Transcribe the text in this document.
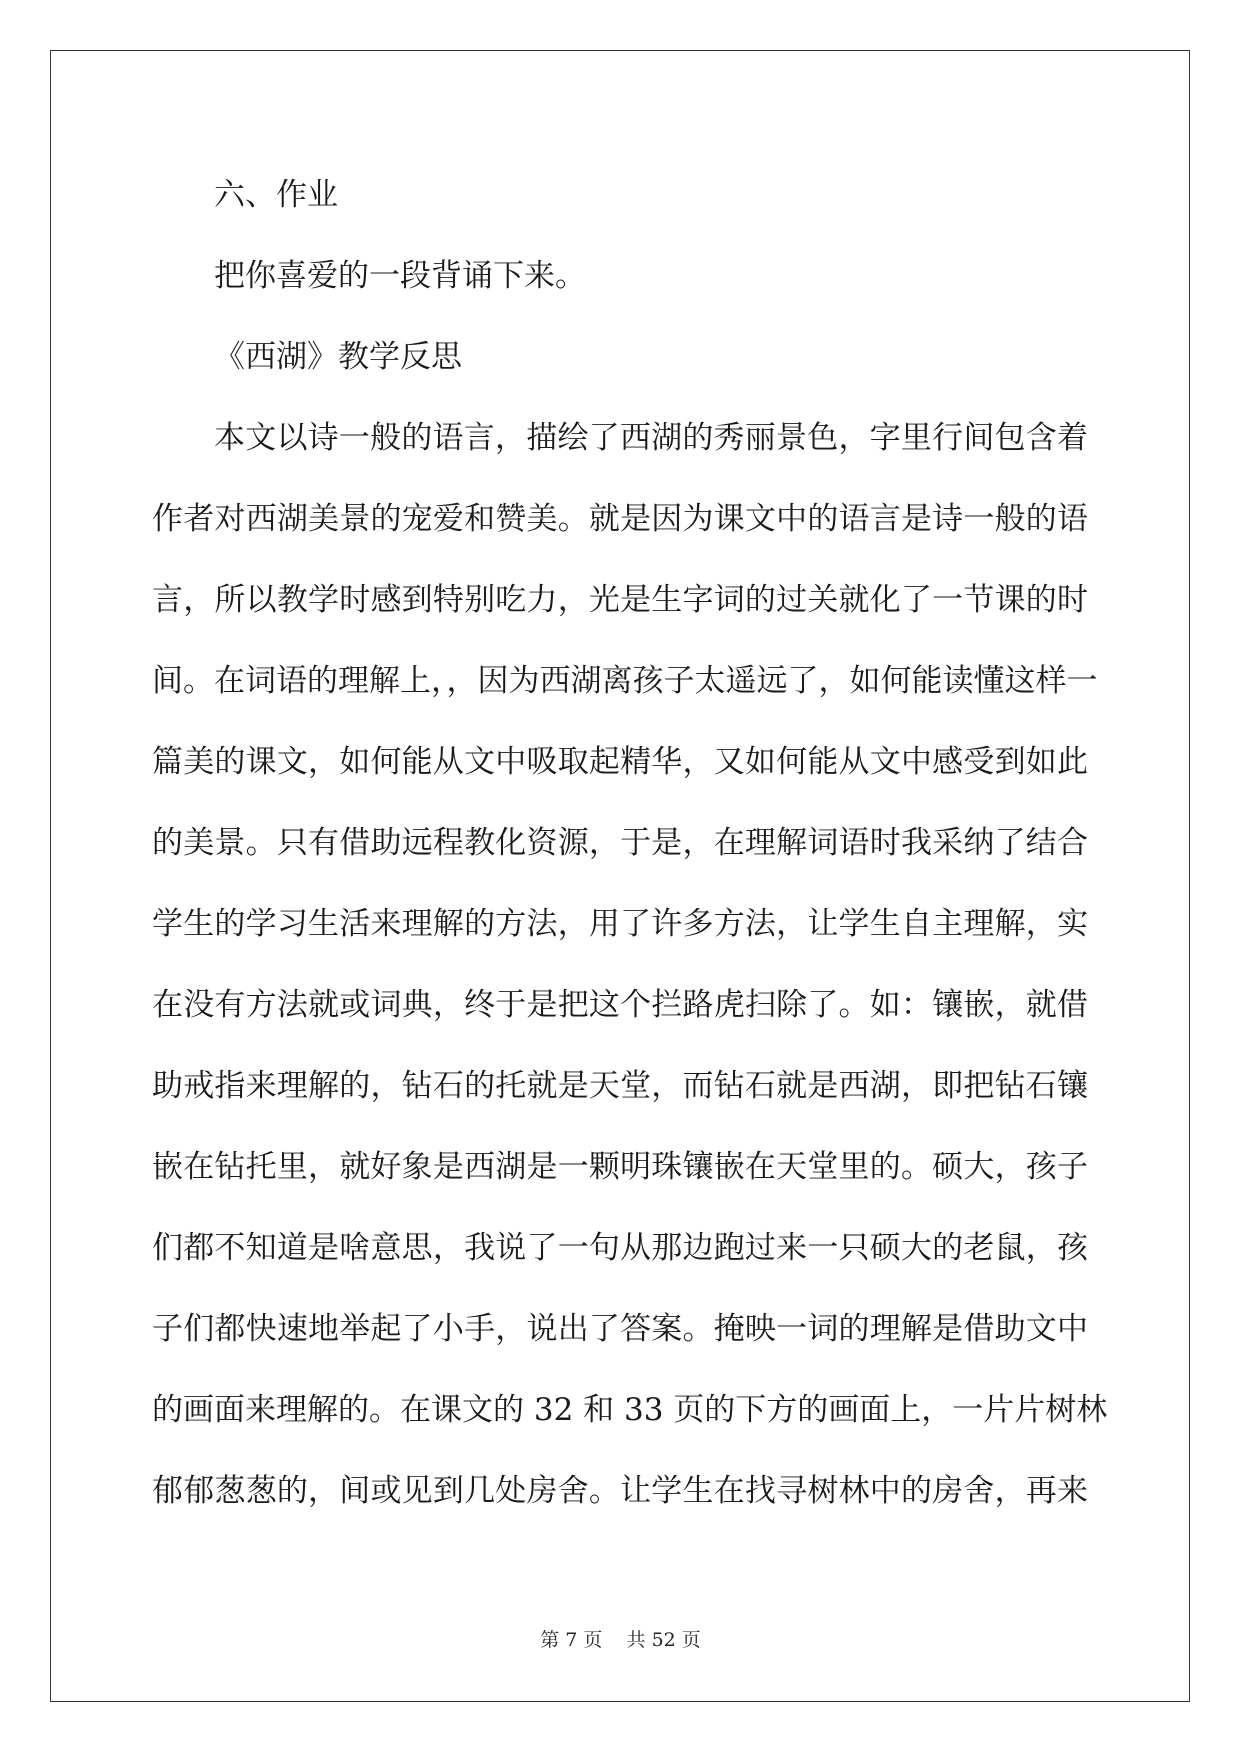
六、作业
把你喜爱的一段背诵下来。
《西湖》教学反思
本文以诗一般的语言，描绘了西湖的秀丽景色，字里行间包含着
作者对西湖美景的宠爱和赞美。就是因为课文中的语言是诗一般的语
言，所以教学时感到特别吃力，光是生字词的过关就化了一节课的时
间。在词语的理解上，，因为西湖离孩子太遥远了，如何能读懂这样一
篇美的课文，如何能从文中吸取起精华，又如何能从文中感受到如此
的美景。只有借助远程教化资源，于是，在理解词语时我采纳了结合
学生的学习生活来理解的方法，用了许多方法，让学生自主理解，实
在没有方法就或词典，终于是把这个拦路虎扫除了。如：镶嵌，就借
助戒指来理解的，钻石的托就是天堂，而钻石就是西湖，即把钻石镶
嵌在钻托里，就好象是西湖是一颗明珠镶嵌在天堂里的。硕大，孩子
们都不知道是啥意思，我说了一句从那边跑过来一只硕大的老鼠，孩
子们都快速地举起了小手，说出了答案。掩映一词的理解是借助文中
的画面来理解的。在课文的 32 和 33 页的下方的画面上，一片片树林
郁郁葱葱的，间或见到几处房舍。让学生在找寻树林中的房舍，再来
第 7 页 共 52 页
